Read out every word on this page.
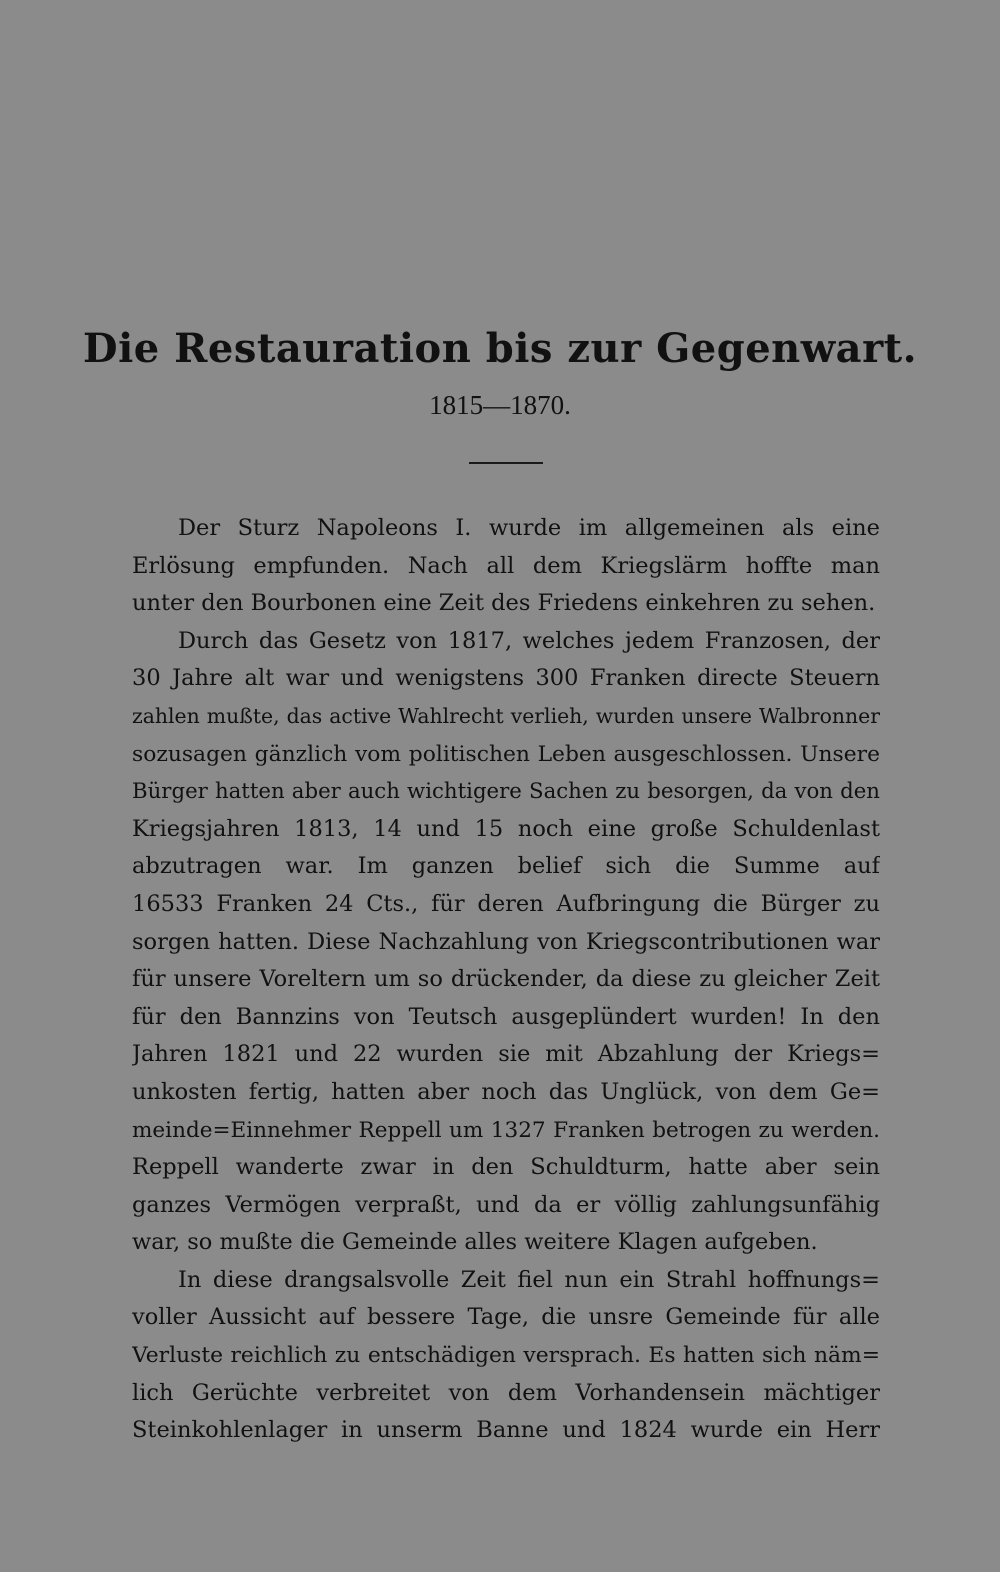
Die Restauration bis zur Gegenwart.
1815—1870.
Der Sturz Napoleons I. wurde im allgemeinen als eine
Erlösung empfunden. Nach all dem Kriegslärm hoffte man
unter den Bourbonen eine Zeit des Friedens einkehren zu sehen.
Durch das Gesetz von 1817, welches jedem Franzosen, der
30 Jahre alt war und wenigstens 300 Franken directe Steuern
zahlen mußte, das active Wahlrecht verlieh, wurden unsere Walbronner
sozusagen gänzlich vom politischen Leben ausgeschlossen. Unsere
Bürger hatten aber auch wichtigere Sachen zu besorgen, da von den
Kriegsjahren 1813, 14 und 15 noch eine große Schuldenlast
abzutragen war. Im ganzen belief sich die Summe auf
16533 Franken 24 Cts., für deren Aufbringung die Bürger zu
sorgen hatten. Diese Nachzahlung von Kriegscontributionen war
für unsere Voreltern um so drückender, da diese zu gleicher Zeit
für den Bannzins von Teutsch ausgeplündert wurden! In den
Jahren 1821 und 22 wurden sie mit Abzahlung der Kriegs=
unkosten fertig, hatten aber noch das Unglück, von dem Ge=
meinde=Einnehmer Reppell um 1327 Franken betrogen zu werden.
Reppell wanderte zwar in den Schuldturm, hatte aber sein
ganzes Vermögen verpraßt, und da er völlig zahlungsunfähig
war, so mußte die Gemeinde alles weitere Klagen aufgeben.
In diese drangsalsvolle Zeit fiel nun ein Strahl hoffnungs=
voller Aussicht auf bessere Tage, die unsre Gemeinde für alle
Verluste reichlich zu entschädigen versprach. Es hatten sich näm=
lich Gerüchte verbreitet von dem Vorhandensein mächtiger
Steinkohlenlager in unserm Banne und 1824 wurde ein Herr
